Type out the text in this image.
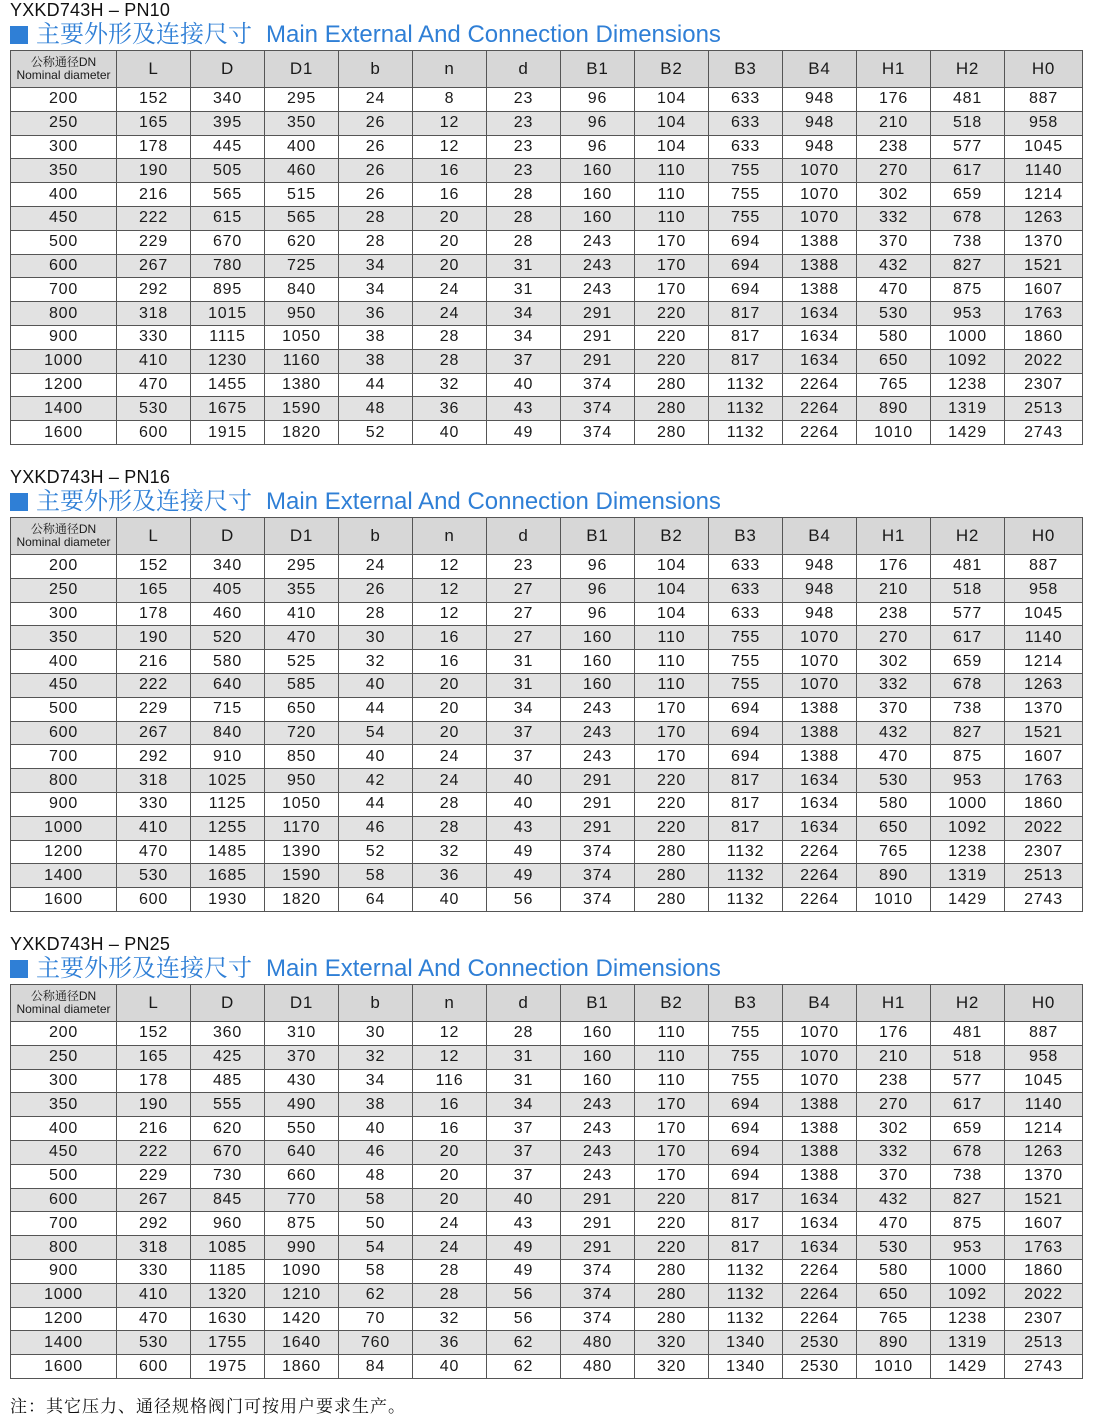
YXKD743H – PN10
主要外形及连接尺寸 Main External And Connection Dimensions
公称通径DN
Nominal diameter	L	D	D1	b	n	d	B1	B2	B3	B4	H1	H2	H0
200	152	340	295	24	8	23	96	104	633	948	176	481	887
250	165	395	350	26	12	23	96	104	633	948	210	518	958
300	178	445	400	26	12	23	96	104	633	948	238	577	1045
350	190	505	460	26	16	23	160	110	755	1070	270	617	1140
400	216	565	515	26	16	28	160	110	755	1070	302	659	1214
450	222	615	565	28	20	28	160	110	755	1070	332	678	1263
500	229	670	620	28	20	28	243	170	694	1388	370	738	1370
600	267	780	725	34	20	31	243	170	694	1388	432	827	1521
700	292	895	840	34	24	31	243	170	694	1388	470	875	1607
800	318	1015	950	36	24	34	291	220	817	1634	530	953	1763
900	330	1115	1050	38	28	34	291	220	817	1634	580	1000	1860
1000	410	1230	1160	38	28	37	291	220	817	1634	650	1092	2022
1200	470	1455	1380	44	32	40	374	280	1132	2264	765	1238	2307
1400	530	1675	1590	48	36	43	374	280	1132	2264	890	1319	2513
1600	600	1915	1820	52	40	49	374	280	1132	2264	1010	1429	2743
YXKD743H – PN16
主要外形及连接尺寸 Main External And Connection Dimensions
公称通径DN
Nominal diameter	L	D	D1	b	n	d	B1	B2	B3	B4	H1	H2	H0
200	152	340	295	24	12	23	96	104	633	948	176	481	887
250	165	405	355	26	12	27	96	104	633	948	210	518	958
300	178	460	410	28	12	27	96	104	633	948	238	577	1045
350	190	520	470	30	16	27	160	110	755	1070	270	617	1140
400	216	580	525	32	16	31	160	110	755	1070	302	659	1214
450	222	640	585	40	20	31	160	110	755	1070	332	678	1263
500	229	715	650	44	20	34	243	170	694	1388	370	738	1370
600	267	840	720	54	20	37	243	170	694	1388	432	827	1521
700	292	910	850	40	24	37	243	170	694	1388	470	875	1607
800	318	1025	950	42	24	40	291	220	817	1634	530	953	1763
900	330	1125	1050	44	28	40	291	220	817	1634	580	1000	1860
1000	410	1255	1170	46	28	43	291	220	817	1634	650	1092	2022
1200	470	1485	1390	52	32	49	374	280	1132	2264	765	1238	2307
1400	530	1685	1590	58	36	49	374	280	1132	2264	890	1319	2513
1600	600	1930	1820	64	40	56	374	280	1132	2264	1010	1429	2743
YXKD743H – PN25
主要外形及连接尺寸 Main External And Connection Dimensions
公称通径DN
Nominal diameter	L	D	D1	b	n	d	B1	B2	B3	B4	H1	H2	H0
200	152	360	310	30	12	28	160	110	755	1070	176	481	887
250	165	425	370	32	12	31	160	110	755	1070	210	518	958
300	178	485	430	34	116	31	160	110	755	1070	238	577	1045
350	190	555	490	38	16	34	243	170	694	1388	270	617	1140
400	216	620	550	40	16	37	243	170	694	1388	302	659	1214
450	222	670	640	46	20	37	243	170	694	1388	332	678	1263
500	229	730	660	48	20	37	243	170	694	1388	370	738	1370
600	267	845	770	58	20	40	291	220	817	1634	432	827	1521
700	292	960	875	50	24	43	291	220	817	1634	470	875	1607
800	318	1085	990	54	24	49	291	220	817	1634	530	953	1763
900	330	1185	1090	58	28	49	374	280	1132	2264	580	1000	1860
1000	410	1320	1210	62	28	56	374	280	1132	2264	650	1092	2022
1200	470	1630	1420	70	32	56	374	280	1132	2264	765	1238	2307
1400	530	1755	1640	760	36	62	480	320	1340	2530	890	1319	2513
1600	600	1975	1860	84	40	62	480	320	1340	2530	1010	1429	2743
注：其它压力、通径规格阀门可按用户要求生产。
